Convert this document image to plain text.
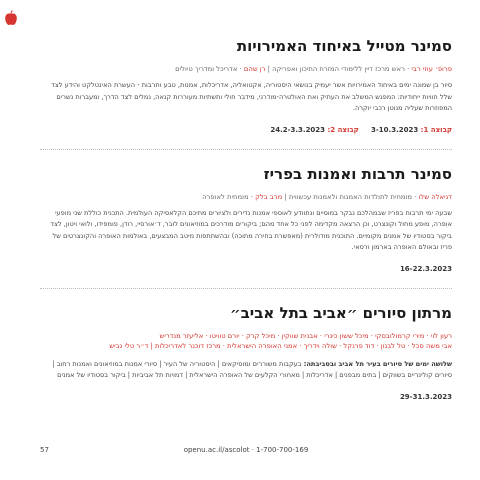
סמינר מטייל באיחוד האמירויות
פרופ׳ עוזי רבי · ראש מרכז דיין ללימודי המזרח התיכון ואפריקה | רן שהם · אדריכל ומדריך טיולים

סיור בן שמונה ימים באיחוד האמירויות אשר יעמיק בנושאי היסטוריה, אקטואליה, אדריכלות, אמנות, טבע ותרבות - העשרת האינטלקט והידע לצד שלל חוויות ייחודיות: המפגש המשלב את העתיק ואת האולטרה-מודרני, מידבר חולי ותשתיות מעוררות קנאה, נמלים לצד הדרך, ומעברות נשרים המפוזרות שעליה מנוטן רכבי יוקרה.

קבוצה 1: 3-10.3.2023     קבוצה 2: 24.2-3.3.2023
סמינר תרבות ואמנות בפריז
דניאלה שלו · מומחית לתולדות האמנות ולאמנות עכשווית | מרב בלק · מומחית לאופרה

שבעה ימי תרבות בפריז שבמהלכם נבקר במוסיים ונתוודע לאוספי אמנות נדירים ולציורים מתיכם הקלאסיקה העולמית. התכנית כוללת שני מופעי אופרה, מופע מחול וקונצרט, וכן הרצאה מקדימה לפני כל אחד מהם; ביקורים מודרכים במוזיאונים לובר, ד׳אורסיי, רודן, פומפידו, ולואי ויטון, לצד ביקור בסטודיו של אמנים מקומיים. התוכנית מודולרית (מאפשרת בחירה מתוכה) ובהשתתפות מיטב המבצעים, באולמות האופרה והקונצרטים של פריז ובאולם האופרה בארמון ורסאי.

16-22.3.2023
מרתון סיורים ״אביב בתל אביב״
רעון לוי · מירי קרמולובסקי · מיכל ששון כינרי · אבנית שווקין · מיכל קרק · יורם טוויטו · אליעזר מנדריש
אבי משה סכל · טל לבנון · דוד פרנקל · שולה וידריך · אמני האופרה הישראלית · מרכז דוכנר לאדריכלות | ד״ר טלי נביש

שלושה ימים של סיורים בעיר תל אביב ובסביבתה: בעקבות משוררים ומוסיקאים | היסטוריה של העיר | סיורי אמנות במוזיאונים ואמנות רחוב | סיורים קולינריים בשווקים | בתים מבפנים | אדריכלות | מאחורי הקלעים של האופרה הישראלית | דמויות תל אביביות | ביקור בסטודיו של אמנים

29-31.3.2023
57	openu.ac.il/ascolot · 1-700-700-169
